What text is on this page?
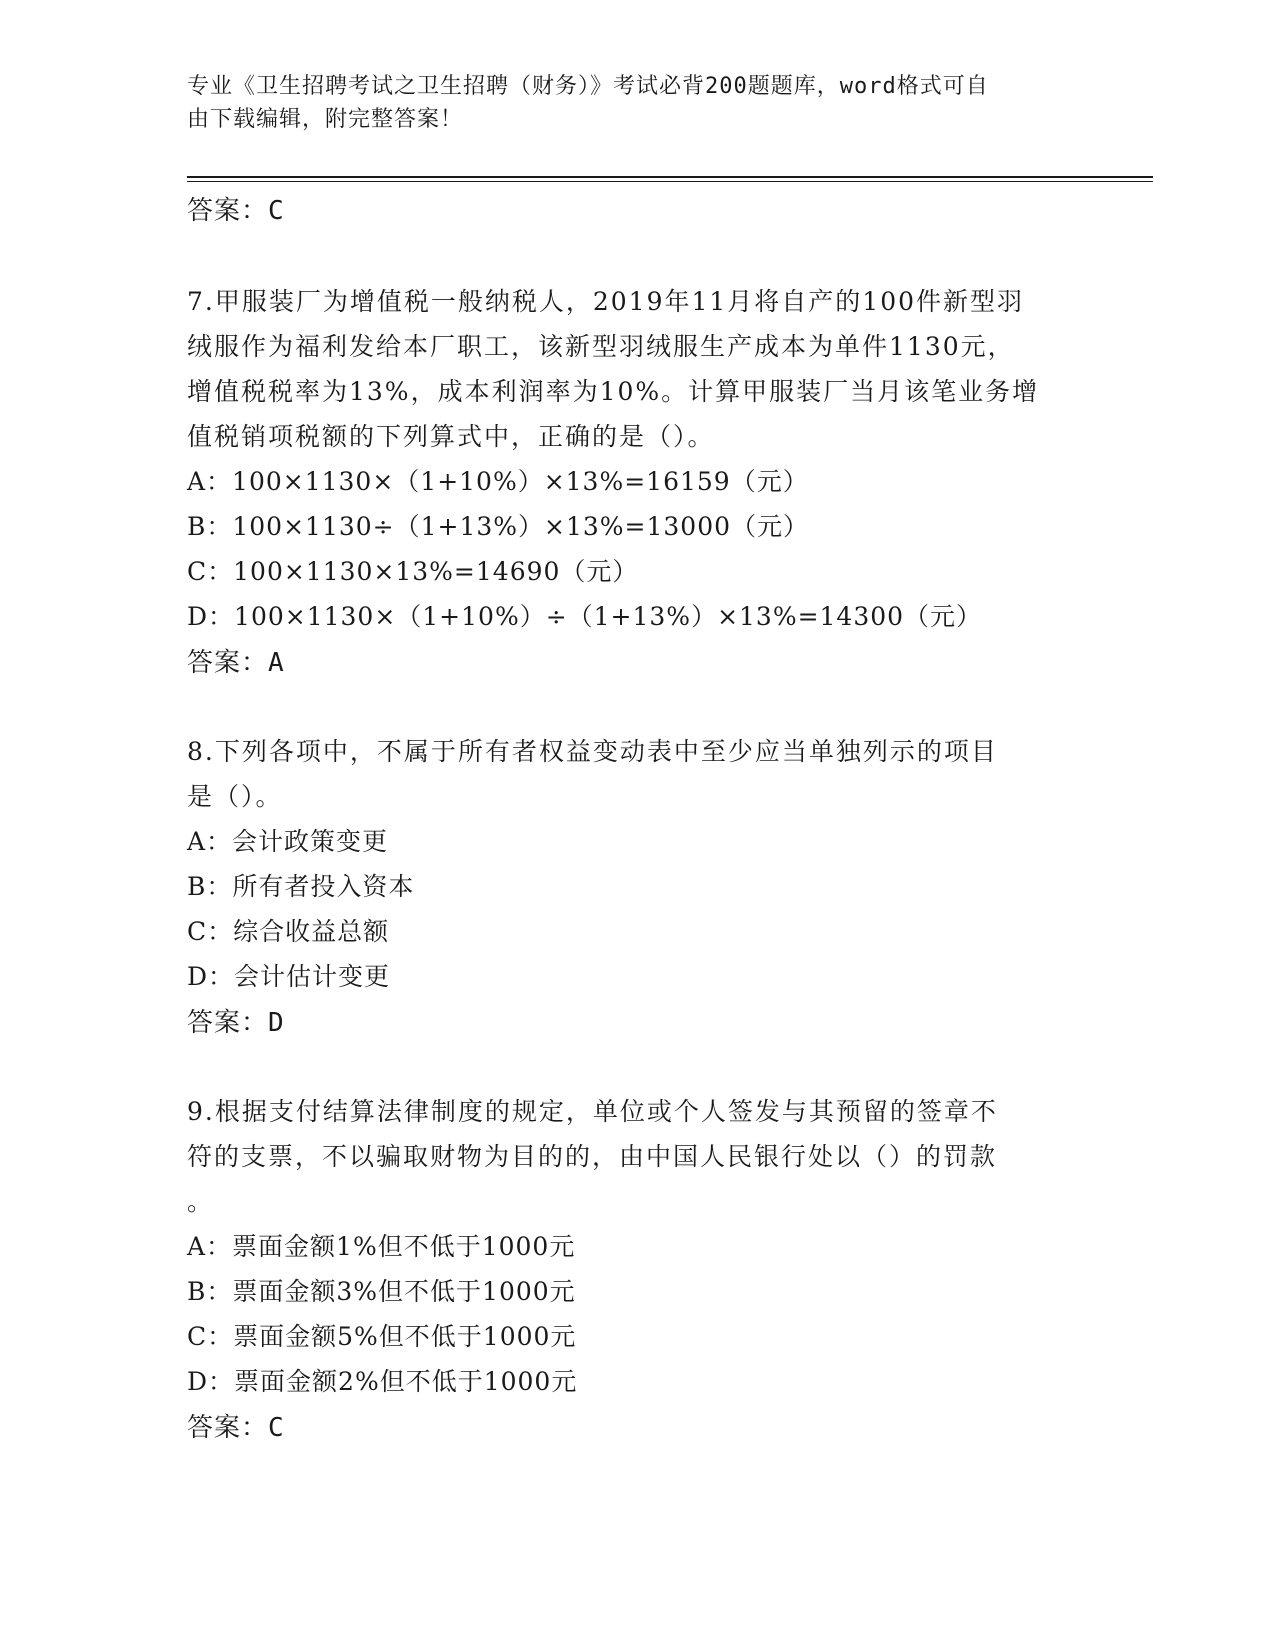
专业《卫生招聘考试之卫生招聘（财务）》考试必背200题题库，word格式可自
由下载编辑，附完整答案！
答案：C
7.甲服装厂为增值税一般纳税人，2019年11月将自产的100件新型羽
绒服作为福利发给本厂职工，该新型羽绒服生产成本为单件1130元，
增值税税率为13%，成本利润率为10%。计算甲服装厂当月该笔业务增
值税销项税额的下列算式中，正确的是（）。
A：100×1130×（1+10%）×13%=16159（元）
B：100×1130÷（1+13%）×13%=13000（元）
C：100×1130×13%=14690（元）
D：100×1130×（1+10%）÷（1+13%）×13%=14300（元）
答案：A
8.下列各项中，不属于所有者权益变动表中至少应当单独列示的项目
是（）。
A：会计政策变更
B：所有者投入资本
C：综合收益总额
D：会计估计变更
答案：D
9.根据支付结算法律制度的规定，单位或个人签发与其预留的签章不
符的支票，不以骗取财物为目的的，由中国人民银行处以（）的罚款
。
A：票面金额1%但不低于1000元
B：票面金额3%但不低于1000元
C：票面金额5%但不低于1000元
D：票面金额2%但不低于1000元
答案：C
